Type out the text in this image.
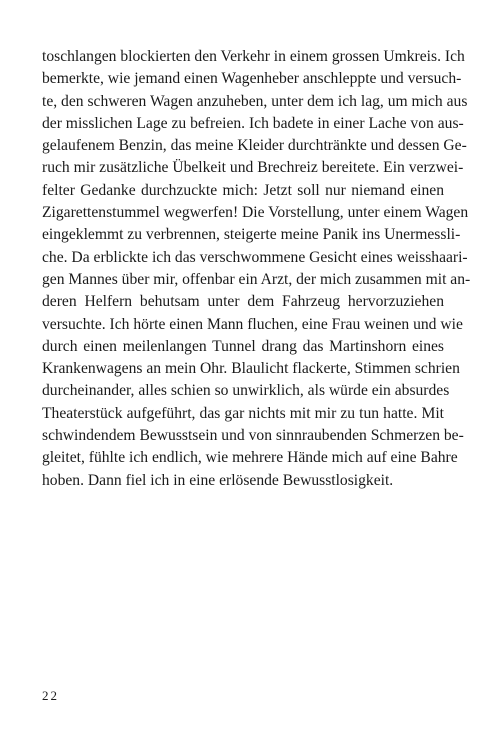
toschlangen blockierten den Verkehr in einem grossen Umkreis. Ich
bemerkte, wie jemand einen Wagenheber anschleppte und versuch-
te, den schweren Wagen anzuheben, unter dem ich lag, um mich aus
der misslichen Lage zu befreien. Ich badete in einer Lache von aus-
gelaufenem Benzin, das meine Kleider durchtränkte und dessen Ge-
ruch mir zusätzliche Übelkeit und Brechreiz bereitete. Ein verzwei-
felter Gedanke durchzuckte mich: Jetzt soll nur niemand einen
Zigarettenstummel wegwerfen! Die Vorstellung, unter einem Wagen
eingeklemmt zu verbrennen, steigerte meine Panik ins Unermessli-
che. Da erblickte ich das verschwommene Gesicht eines weisshaari-
gen Mannes über mir, offenbar ein Arzt, der mich zusammen mit an-
deren Helfern behutsam unter dem Fahrzeug hervorzuziehen
versuchte. Ich hörte einen Mann fluchen, eine Frau weinen und wie
durch einen meilenlangen Tunnel drang das Martinshorn eines
Krankenwagens an mein Ohr. Blaulicht flackerte, Stimmen schrien
durcheinander, alles schien so unwirklich, als würde ein absurdes
Theaterstück aufgeführt, das gar nichts mit mir zu tun hatte. Mit
schwindendem Bewusstsein und von sinnraubenden Schmerzen be-
gleitet, fühlte ich endlich, wie mehrere Hände mich auf eine Bahre
hoben. Dann fiel ich in eine erlösende Bewusstlosigkeit.
22
